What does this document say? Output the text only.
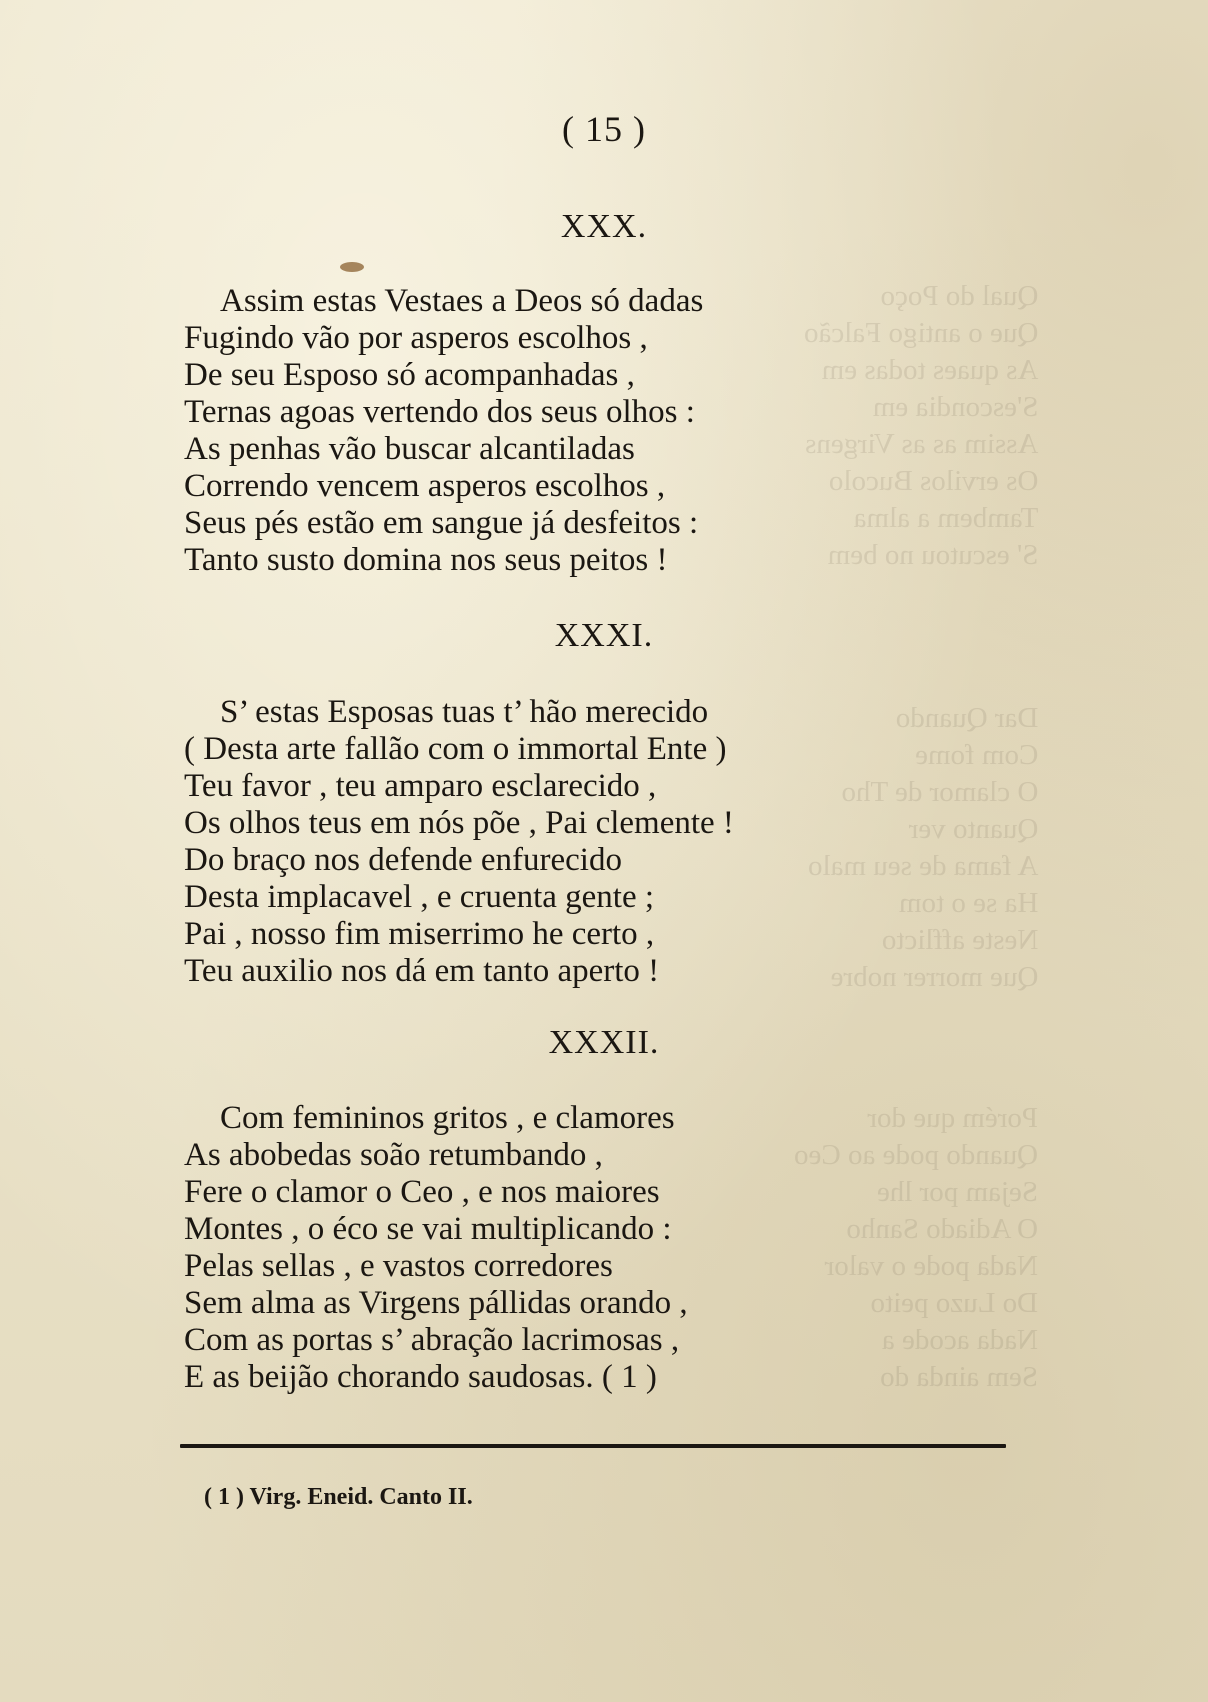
Qual do Poço
Que o antigo Falcão
As quaes todas em
S'escondia em
Assim as as Virgens
Os ervilos Bucolo
Tambem a alma
S' escutou no bem
Dar Quando
Com fome
O clamor de Tho
Quanto ver
A fama de seu malo
Ha se o tom
Neste afflicto
Que morrer nobre
Porém que dor
Quando pode ao Ceo
Sejam por lhe
O Adiado Sanho
Nada pode o valor
Do Luzo peito
Nada acode a
Sem ainda do
( 15 )
XXX.
Assim estas Vestaes a Deos só dadas
Fugindo vão por asperos escolhos ,
De seu Esposo só acompanhadas ,
Ternas agoas vertendo dos seus olhos :
As penhas vão buscar alcantiladas
Correndo vencem asperos escolhos ,
Seus pés estão em sangue já desfeitos :
Tanto susto domina nos seus peitos !
XXXI.
S’ estas Esposas tuas t’ hão merecido
( Desta arte fallão com o immortal Ente )
Teu favor , teu amparo esclarecido ,
Os olhos teus em nós põe , Pai clemente !
Do braço nos defende enfurecido
Desta implacavel , e cruenta gente ;
Pai , nosso fim miserrimo he certo ,
Teu auxilio nos dá em tanto aperto !
XXXII.
Com femininos gritos , e clamores
As abobedas soão retumbando ,
Fere o clamor o Ceo , e nos maiores
Montes , o éco se vai multiplicando :
Pelas sellas , e vastos corredores
Sem alma as Virgens pállidas orando ,
Com as portas s’ abração lacrimosas ,
E as beijão chorando saudosas. ( 1 )
( 1 ) Virg. Eneid. Canto II.
